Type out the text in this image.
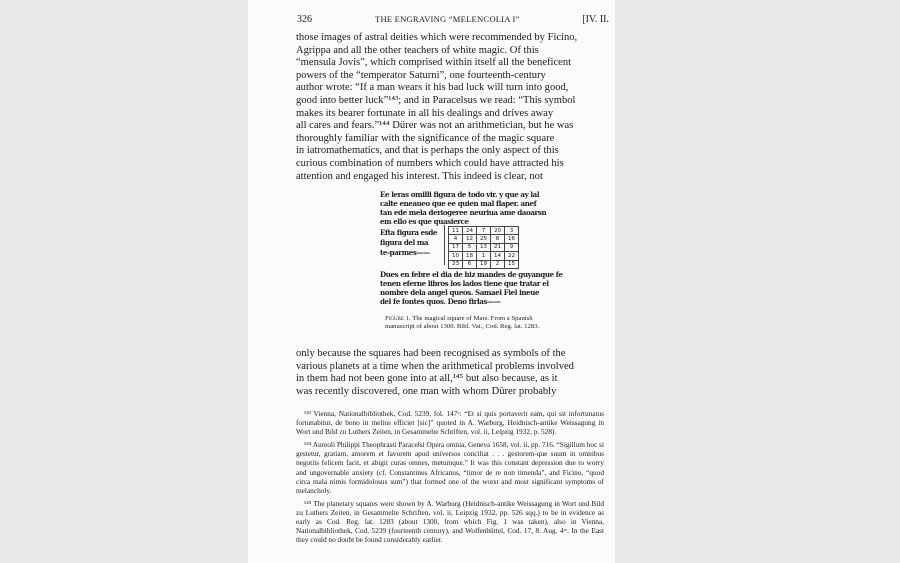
326	THE ENGRAVING “MELENCOLIA I”	[IV. II.

those images of astral deities which were recommended by Ficino,

Agrippa and all the other teachers of white magic. Of this

“mensula Jovis”, which comprised within itself all the beneficent

powers of the “temperator Saturni”, one fourteenth-century

author wrote: “If a man wears it his bad luck will turn into good,

good into better luck”¹⁴³; and in Paracelsus we read: “This symbol

makes its bearer fortunate in all his dealings and drives away

all cares and fears.”¹⁴⁴ Dürer was not an arithmetician, but he was

thoroughly familiar with the significance of the magic square

in iatromathematics, and that is perhaps the only aspect of this

curious combination of numbers which could have attracted his

attention and engaged his interest. This indeed is clear, not

Ee leras omilli figura de todo vir. y que ay lal
calte eneaueo que ee quien mal flaper. anef
tan ede mela deriogeree neuriua ame daoarsn
em ello es que quasierce
Efta figura esde
figura del ma
te-parmes——
11	24	7	20	3
4	12	25	8	16
17	5	13	21	9
10	18	1	14	22
23	6	19	2	15
Dues en febre el dia de hiz mandes de guyanque fe
tenen eferne libros los lados tiene que tratar el
nombre dela angel queos. Samael Fiel ineue
del fe fontes quos. Deno firlas——
Figure 1. The magical square of Mars. From a Spanish manuscript of about 1300. Bibl. Vat., Cod. Reg. lat. 1283.

only because the squares had been recognised as symbols of the

various planets at a time when the arithmetical problems involved

in them had not been gone into at all,¹⁴⁵ but also because, as it

was recently discovered, one man with whom Dürer probably

¹⁴³ Vienna, Nationalbibliothek, Cod. 5239, fol. 147ᵛ: “Et si quis portaverit eam, qui sit infortunatus fortunabitur, de bono in melius efficiet [sic]” quoted in A. Warburg, Heidnisch-antike Weissagung in Wort und Bild zu Luthers Zeiten, in Gesammelte Schriften, vol. ii, Leipzig 1932, p. 528).

¹⁴⁴ Aureoli Philippi Theophrasti Paracelsi Opera omnia, Geneva 1658, vol. ii, pp. 716. “Sigillum hoc si gestetur, gratiam, amorem et favorem apud universos conciliat . . . gestorem-que suum in omnibus negotiis felicem facit, et abigit curas omnes, metumque.” It was this constant depression due to worry and ungovernable anxiety (cf. Constantinus Africanus, “timor de re non timenda”, and Ficino, “quod circa mala nimis formidolosus sum”) that formed one of the worst and most significant symptoms of melancholy.

¹⁴⁵ The planetary squares were shown by A. Warburg (Heidnisch-antike Weissagung in Wort und Bild zu Luthers Zeiten, in Gesammelte Schriften, vol. ii, Leipzig 1932, pp. 526 sqq.) to be in evidence as early as Cod. Reg. lat. 1283 (about 1300, from which Fig. 1 was taken), also in Vienna, Nationalbibliothek, Cod. 5239 (fourteenth century), and Wolfenbüttel, Cod. 17, 8. Aug. 4ᵗᵒ. In the East they could no doubt be found considerably earlier.
